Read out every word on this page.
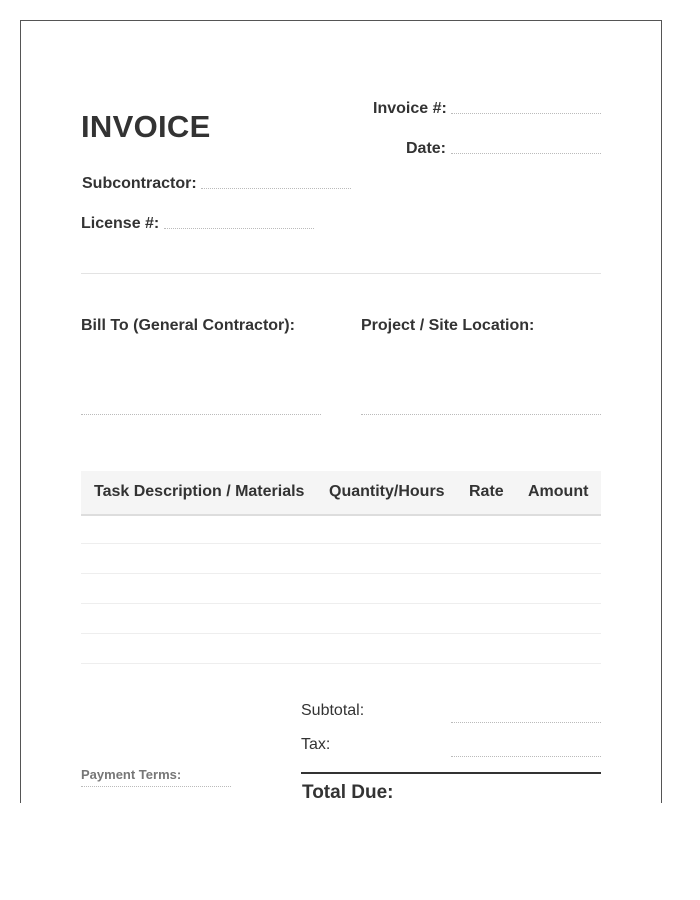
INVOICE
Invoice #:
Date:
Subcontractor:
License #:
Bill To (General Contractor):	Project / Site Location:
Task Description / Materials Quantity/Hours Rate Amount
Subtotal:
Tax:
Total Due:
Payment Terms:
